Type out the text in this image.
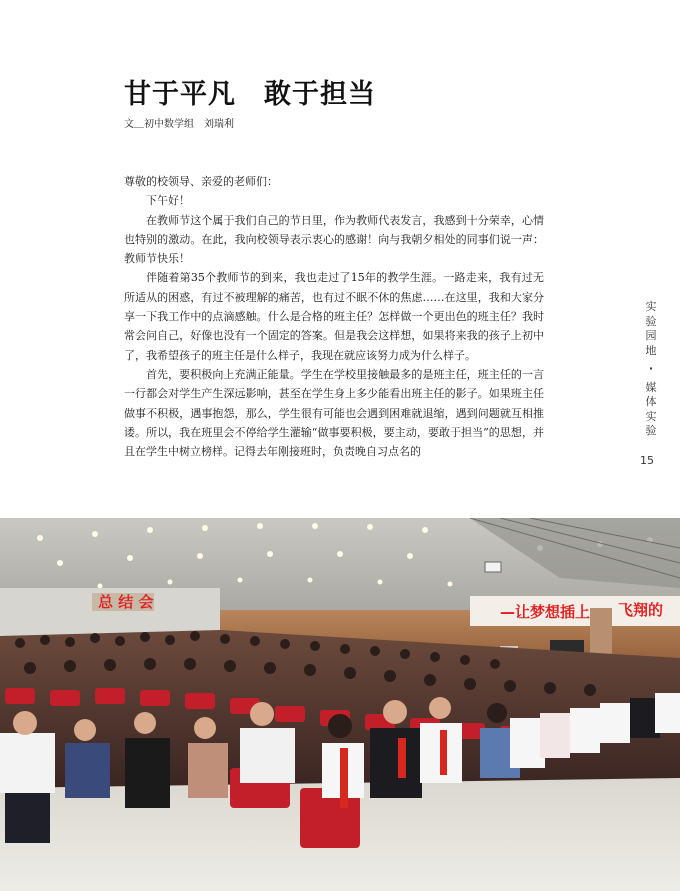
甘于平凡　敢于担当
文＿初中数学组　刘瑞利

尊敬的校领导、亲爱的老师们：

下午好！

在教师节这个属于我们自己的节日里，作为教师代表发言，我感到十分荣幸，心情也特别的激动。在此，我向校领导表示衷心的感谢！向与我朝夕相处的同事们说一声：教师节快乐！

伴随着第35个教师节的到来，我也走过了15年的教学生涯。一路走来，我有过无所适从的困惑，有过不被理解的痛苦，也有过不眠不休的焦虑……在这里，我和大家分享一下我工作中的点滴感触。什么是合格的班主任？怎样做一个更出色的班主任？我时常会问自己，好像也没有一个固定的答案。但是我会这样想，如果将来我的孩子上初中了，我希望孩子的班主任是什么样子，我现在就应该努力成为什么样子。

首先，要积极向上充满正能量。学生在学校里接触最多的是班主任，班主任的一言一行都会对学生产生深远影响，甚至在学生身上多少能看出班主任的影子。如果班主任做事不积极，遇事抱怨，那么，学生很有可能也会遇到困难就退缩，遇到问题就互相推诿。所以，我在班里会不停给学生灌输“做事要积极，要主动，要敢于担当”的思想，并且在学生中树立榜样。记得去年刚接班时，负责晚自习点名的

实验园地
·
媒体实验
15
总 结 会
—让梦想插上 飞翔的
